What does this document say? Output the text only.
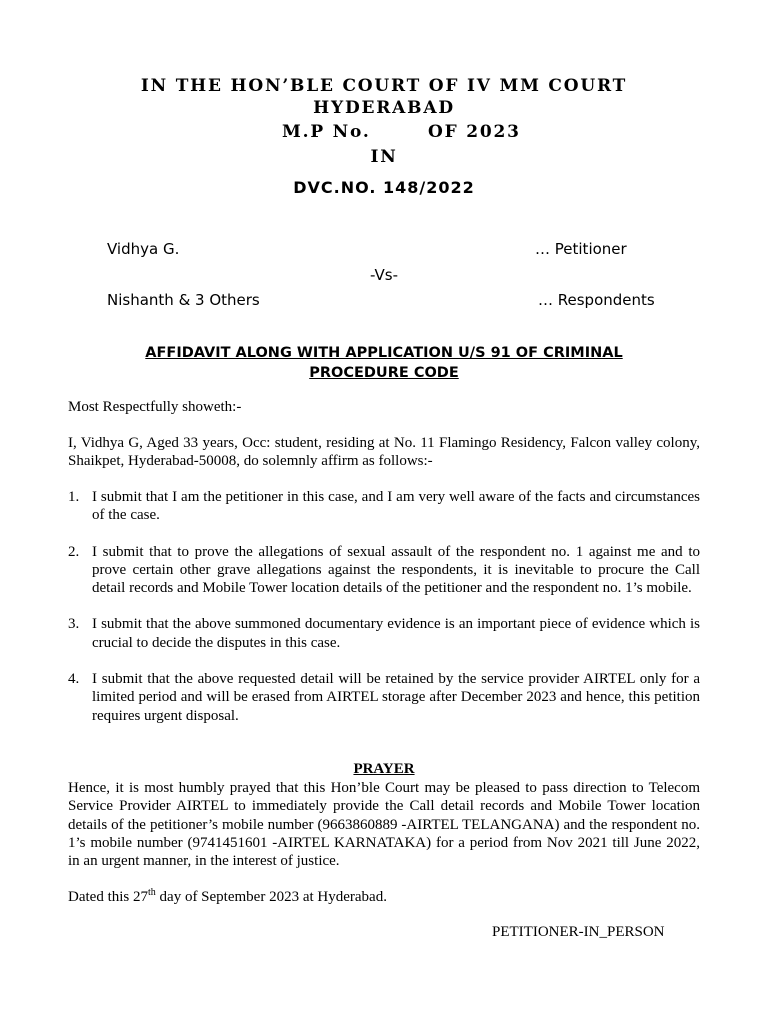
IN THE HON’BLE COURT OF IV MM COURT
HYDERABAD
M.P No.	OF 2023
IN
DVC.NO. 148/2022
Vidhya G.	… Petitioner
-Vs-
Nishanth & 3 Others	… Respondents
AFFIDAVIT ALONG WITH APPLICATION U/S 91 OF CRIMINAL
PROCEDURE CODE
Most Respectfully showeth:-
I, Vidhya G, Aged 33 years, Occ: student, residing at No. 11 Flamingo Residency, Falcon valley colony, Shaikpet, Hyderabad-50008, do solemnly affirm as follows:-
1. I submit that I am the petitioner in this case, and I am very well aware of the facts and circumstances of the case.
2. I submit that to prove the allegations of sexual assault of the respondent no. 1 against me and to prove certain other grave allegations against the respondents, it is inevitable to procure the Call detail records and Mobile Tower location details of the petitioner and the respondent no. 1’s mobile.
3. I submit that the above summoned documentary evidence is an important piece of evidence which is crucial to decide the disputes in this case.
4. I submit that the above requested detail will be retained by the service provider AIRTEL only for a limited period and will be erased from AIRTEL storage after December 2023 and hence, this petition requires urgent disposal.
PRAYER
Hence, it is most humbly prayed that this Hon’ble Court may be pleased to pass direction to Telecom Service Provider AIRTEL to immediately provide the Call detail records and Mobile Tower location details of the petitioner’s mobile number (9663860889 -AIRTEL TELANGANA) and the respondent no. 1’s mobile number (9741451601 -AIRTEL KARNATAKA) for a period from Nov 2021 till June 2022, in an urgent manner, in the interest of justice.
Dated this 27th day of September 2023 at Hyderabad.
PETITIONER-IN_PERSON
